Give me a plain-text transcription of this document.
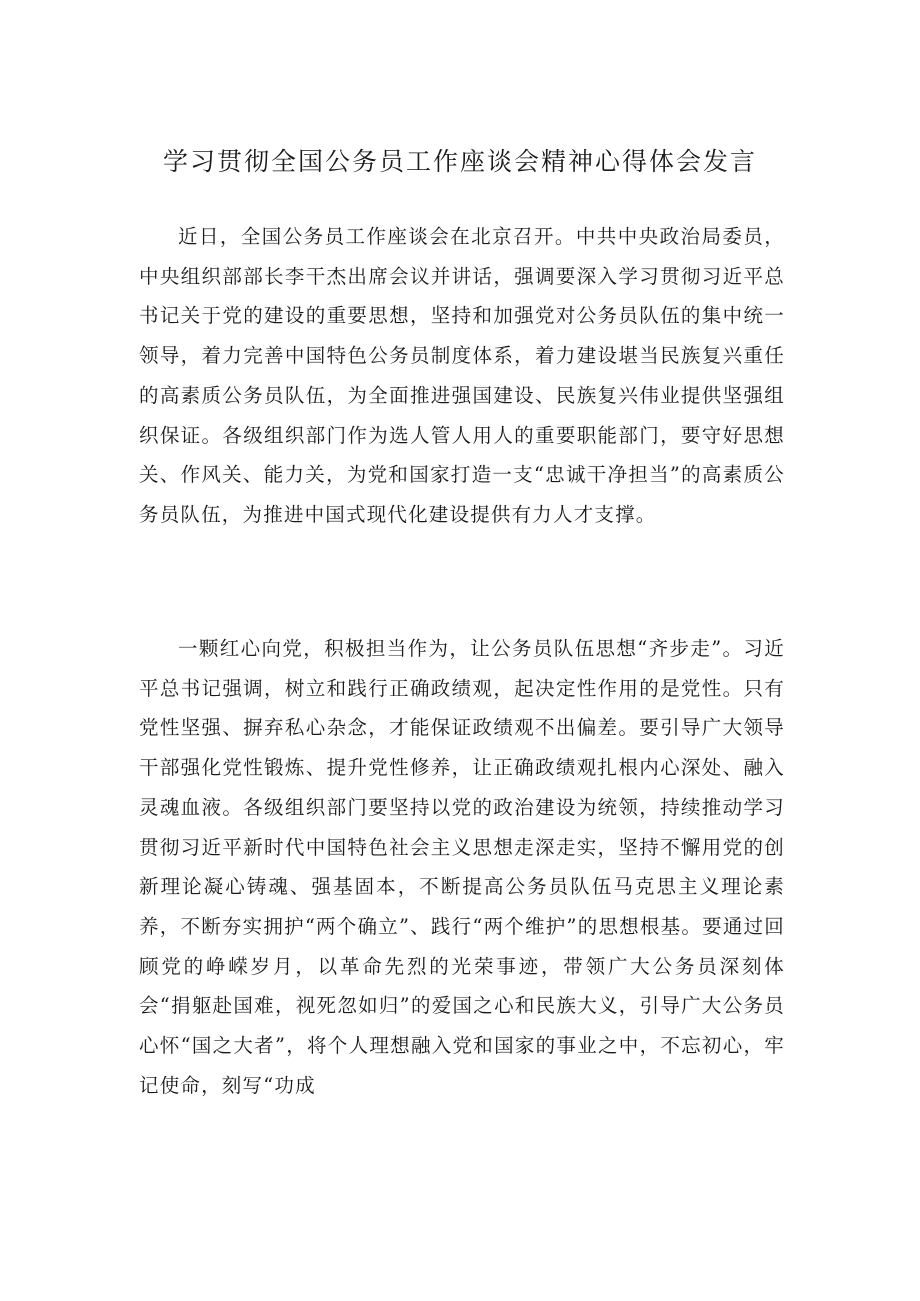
学习贯彻全国公务员工作座谈会精神心得体会发言

近日，全国公务员工作座谈会在北京召开。中共中央政治局委员，中央组织部部长李干杰出席会议并讲话，强调要深入学习贯彻习近平总书记关于党的建设的重要思想，坚持和加强党对公务员队伍的集中统一领导，着力完善中国特色公务员制度体系，着力建设堪当民族复兴重任的高素质公务员队伍，为全面推进强国建设、民族复兴伟业提供坚强组织保证。各级组织部门作为选人管人用人的重要职能部门，要守好思想关、作风关、能力关，为党和国家打造一支“忠诚干净担当”的高素质公务员队伍，为推进中国式现代化建设提供有力人才支撑。

一颗红心向党，积极担当作为，让公务员队伍思想“齐步走”。习近平总书记强调，树立和践行正确政绩观，起决定性作用的是党性。只有党性坚强、摒弃私心杂念，才能保证政绩观不出偏差。要引导广大领导干部强化党性锻炼、提升党性修养，让正确政绩观扎根内心深处、融入灵魂血液。各级组织部门要坚持以党的政治建设为统领，持续推动学习贯彻习近平新时代中国特色社会主义思想走深走实，坚持不懈用党的创新理论凝心铸魂、强基固本，不断提高公务员队伍马克思主义理论素养，不断夯实拥护“两个确立”、践行“两个维护”的思想根基。要通过回顾党的峥嵘岁月，以革命先烈的光荣事迹，带领广大公务员深刻体会“捐躯赴国难，视死忽如归”的爱国之心和民族大义，引导广大公务员心怀“国之大者”，将个人理想融入党和国家的事业之中，不忘初心，牢记使命，刻写“功成
